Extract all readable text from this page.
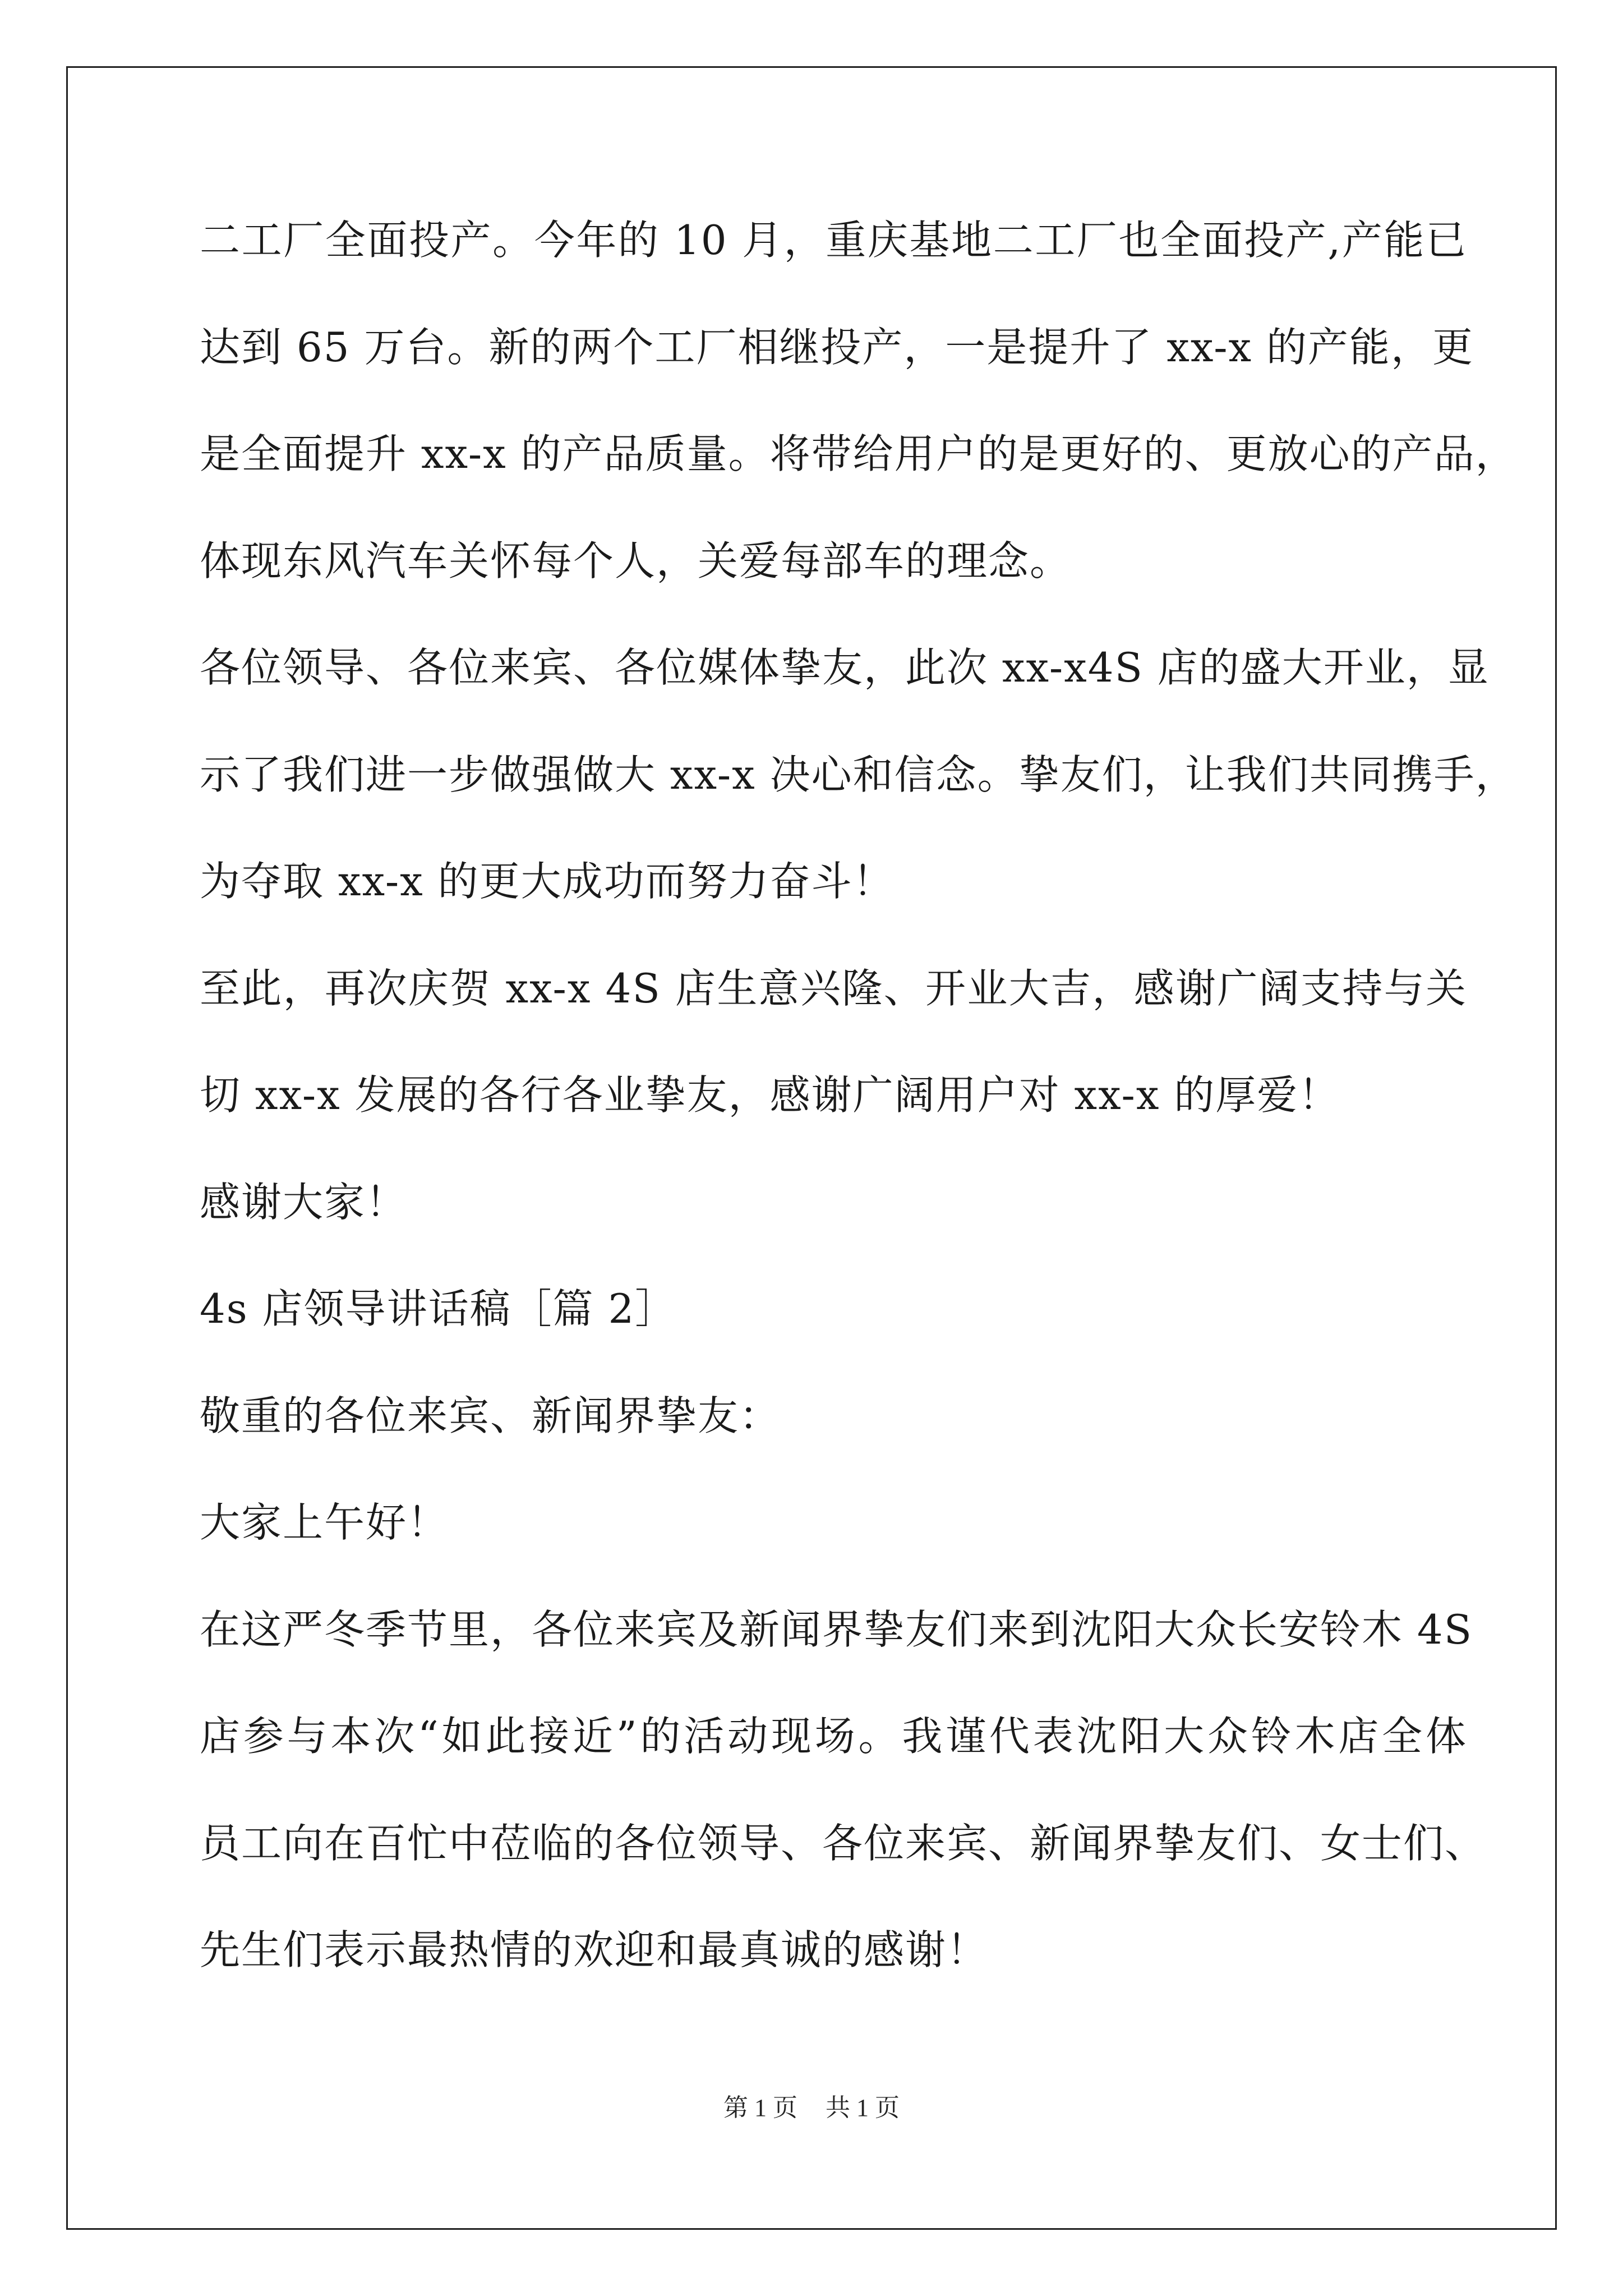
二工厂全面投产。今年的 10 月，重庆基地二工厂也全面投产,产能已
达到 65 万台。新的两个工厂相继投产，一是提升了 xx-x 的产能，更
是全面提升 xx-x 的产品质量。将带给用户的是更好的、更放心的产品，
体现东风汽车关怀每个人，关爱每部车的理念。
各位领导、各位来宾、各位媒体挚友，此次 xx-x4S 店的盛大开业，显
示了我们进一步做强做大 xx-x 决心和信念。挚友们，让我们共同携手，
为夺取 xx-x 的更大成功而努力奋斗！
至此，再次庆贺 xx-x 4S 店生意兴隆、开业大吉，感谢广阔支持与关
切 xx-x 发展的各行各业挚友，感谢广阔用户对 xx-x 的厚爱！
感谢大家！
4s 店领导讲话稿［篇 2］
敬重的各位来宾、新闻界挚友：
大家上午好！
在这严冬季节里，各位来宾及新闻界挚友们来到沈阳大众长安铃木 4S
店参与本次“如此接近”的活动现场。我谨代表沈阳大众铃木店全体
员工向在百忙中莅临的各位领导、各位来宾、新闻界挚友们、女士们、
先生们表示最热情的欢迎和最真诚的感谢！
第 1 页 共 1 页
